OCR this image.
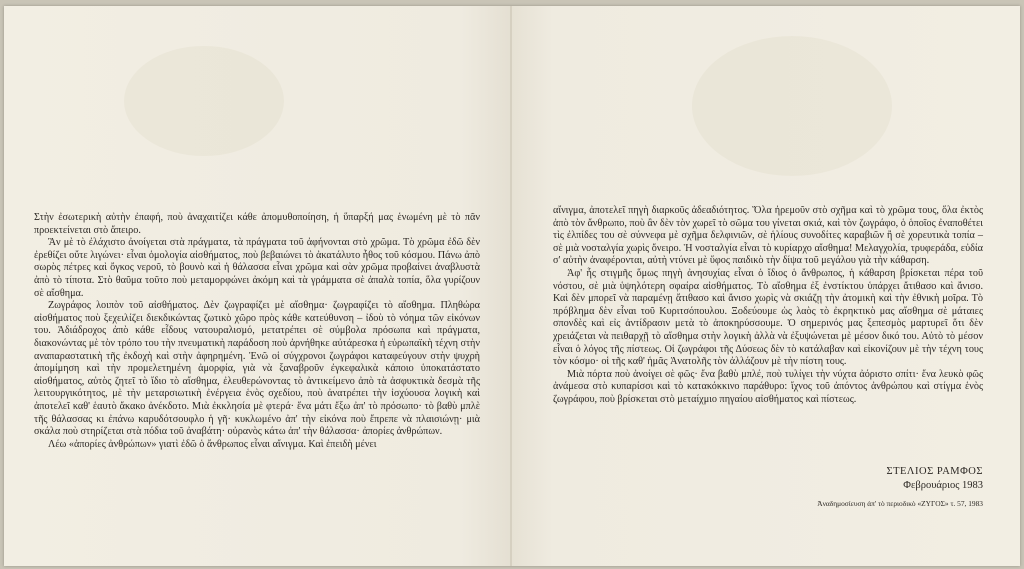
Στὴν ἐσωτερικὴ αὐτὴν ἐπαφή, ποὺ ἀναχαιτίζει κάθε ἀπομυθοποίηση, ἡ ὕπαρξή μας ἑνωμένη μὲ τὸ πᾶν προεκτείνεται στὸ ἄπειρο.

Ἂν μὲ τὸ ἐλάχιστο ἀνοίγεται στὰ πράγματα, τὰ πράγματα τοῦ ἀφήνονται στὸ χρῶμα. Τὸ χρῶμα ἐδῶ δὲν ἐρεθίζει οὔτε λιγώνει· εἶναι ὁμολογία αἰσθήματος, ποὺ βεβαιώνει τὸ ἀκατάλυτο ἦθος τοῦ κόσμου. Πάνω ἀπὸ σωρὸς πέτρες καὶ ὄγκος νεροῦ, τὸ βουνὸ καὶ ἡ θάλασσα εἶναι χρῶμα καὶ σὰν χρῶμα προβαίνει ἀναβλυστὰ ἀπὸ τὸ τίποτα. Στὸ θαῦμα τοῦτο ποὺ μεταμορφώνει ἀκόμη καὶ τὰ γράμματα σὲ ἁπαλὰ τοπία, ὅλα γυρίζουν σὲ αἴσθημα.

Ζωγράφος λοιπὸν τοῦ αἰσθήματος. Δὲν ζωγραφίζει μὲ αἴσθημα· ζωγραφίζει τὸ αἴσθημα. Πληθώρα αἰσθήματος ποὺ ξεχειλίζει διεκδικώντας ζωτικὸ χῶρο πρὸς κάθε κατεύθυνση – ἰδοὺ τὸ νόημα τῶν εἰκόνων του. Ἀδιάδροχος ἀπὸ κάθε εἶδους νατουραλισμό, μετατρέπει σὲ σύμβολα πρόσωπα καὶ πράγματα, διακονώντας μὲ τὸν τρόπο του τὴν πνευματικὴ παράδοση ποὺ ἀρνήθηκε αὐτάρεσκα ἡ εὐρωπαϊκὴ τέχνη στὴν αναπαραστατικὴ τῆς ἐκδοχὴ καὶ στὴν ἀφηρημένη. Ἐνῶ οἱ σύγχρονοι ζωγράφοι καταφεύγουν στὴν ψυχρὴ ἀπομίμηση καὶ τὴν προμελετημένη ἀμορφία, γιὰ νὰ ξαναβροῦν ἐγκεφαλικὰ κάποιο ὑποκατάστατο αἰσθήματος, αὐτὸς ζητεῖ τὸ ἴδιο τὸ αἴσθημα, ἐλευθερώνοντας τὸ ἀντικείμενο ἀπὸ τὰ ἀσφυκτικὰ δεσμὰ τῆς λειτουργικότητος, μὲ τὴν μεταρσιωτικὴ ἐνέργεια ἑνὸς σχεδίου, ποὺ ἀνατρέπει τὴν ἰσχύουσα λογικὴ καὶ ἀποτελεῖ καθ' ἑαυτὸ ἄκακο ἀνέκδοτο. Μιὰ ἐκκλησία μὲ φτερά· ἕνα μάτι ἔξω ἀπ' τὸ πρόσωπο· τὸ βαθὺ μπλὲ τῆς θάλασσας κι ἐπάνω καρυδότσουφλο ἡ γῆ· κυκλωμένο ἀπ' τὴν εἰκόνα ποὺ ἔπρεπε νὰ πλαισιώνῃ· μιὰ σκάλα ποὺ στηρίζεται στὰ πόδια τοῦ ἀναβάτη· οὐρανὸς κάτω ἀπ' τὴν θάλασσα· ἀπορίες ἀνθρώπων.

Λέω «ἀπορίες ἀνθρώπων» γιατὶ ἐδῶ ὁ ἄνθρωπος εἶναι αἴνιγμα. Καὶ ἐπειδὴ μένει

αἴνιγμα, ἀποτελεῖ πηγὴ διαρκοῦς ἀδεαδιότητος. Ὅλα ἠρεμοῦν στὸ σχῆμα καὶ τὸ χρῶμα τους, ὅλα ἐκτὸς ἀπὸ τὸν ἄνθρωπο, ποὺ ἂν δὲν τὸν χωρεῖ τὸ σῶμα του γίνεται σκιά, καὶ τὸν ζωγράφο, ὁ ὁποῖος ἐναποθέτει τὶς ἐλπίδες του σὲ σύννεφα μὲ σχῆμα δελφινιῶν, σὲ ἡλίους συνοδίτες καραβιῶν ἢ σὲ χορευτικὰ τοπία – σὲ μιὰ νοσταλγία χωρὶς ὄνειρο. Ἡ νοσταλγία εἶναι τὸ κυρίαρχο αἴσθημα! Μελαγχολία, τρυφεράδα, εὐδία σ' αὐτὴν ἀναφέρονται, αὐτὴ ντύνει μὲ ὕφος παιδικὸ τὴν δίψα τοῦ μεγάλου γιὰ τὴν κάθαρση.

Ἀφ' ἧς στιγμῆς ὅμως πηγὴ ἀνησυχίας εἶναι ὁ ἴδιος ὁ ἄνθρωπος, ἡ κάθαρση βρίσκεται πέρα τοῦ νόστου, σὲ μιὰ ὑψηλότερη σφαίρα αἰσθήματος. Τὸ αἴσθημα ἐξ ἐνστίκτου ὑπάρχει ἄτιθασο καὶ ἄνισο. Καὶ δὲν μπορεῖ νὰ παραμένῃ ἄτιθασο καὶ ἄνισο χωρὶς νὰ σκιάζῃ τὴν ἀτομικὴ καὶ τὴν ἐθνικὴ μοῖρα. Τὸ πρόβλημα δὲν εἶναι τοῦ Κυριτσόπουλου. Ξοδεύουμε ὡς λαὸς τὸ ἐκρηκτικὸ μας αἴσθημα σὲ μάταιες σπονδὲς καὶ εἰς ἀντίδρασιν μετὰ τὸ ἀποκηρύσσουμε. Ὁ σημερινός μας ξεπεσμὸς μαρτυρεῖ ὅτι δὲν χρειάζεται νὰ πειθαρχῇ τὸ αἴσθημα στὴν λογικὴ ἀλλὰ νὰ ἐξυψώνεται μὲ μέσον δικό του. Αὐτὸ τὸ μέσον εἶναι ὁ λόγος τῆς πίστεως. Οἱ ζωγράφοι τῆς Δύσεως δὲν τὸ κατάλαβαν καὶ εἰκονίζουν μὲ τὴν τέχνη τους τὸν κόσμο· οἱ τῆς καθ' ἡμᾶς Ἀνατολῆς τὸν ἀλλάζουν μὲ τὴν πίστη τους.

Μιὰ πόρτα ποὺ ἀνοίγει σὲ φῶς· ἕνα βαθὺ μπλέ, ποὺ τυλίγει τὴν νύχτα ἀόριστο σπίτι· ἕνα λευκὸ φῶς ἀνάμεσα στὸ κυπαρίσσι καὶ τὸ κατακόκκινο παράθυρο: ἴχνος τοῦ ἀπόντος ἀνθρώπου καὶ στίγμα ἑνὸς ζωγράφου, ποὺ βρίσκεται στὸ μεταίχμιο πηγαίου αἰσθήματος καὶ πίστεως.

ΣΤΕΛΙΟΣ ΡΑΜΦΟΣ
Φεβρουάριος 1983
Ἀναδημοσίευση ἀπ' τὸ περιοδικὸ «ΖΥΓΟΣ» τ. 57, 1983
